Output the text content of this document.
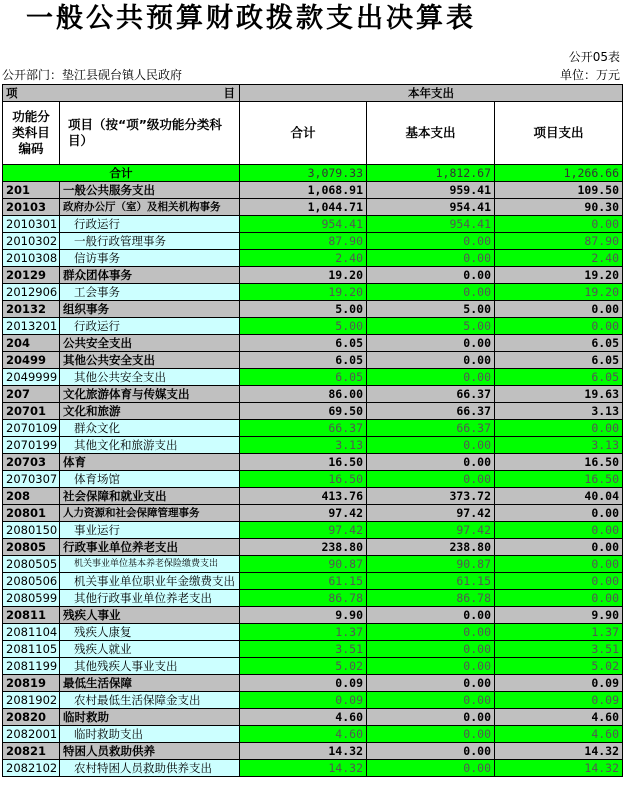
一般公共预算财政拨款支出决算表
公开05表
公开部门：垫江县砚台镇人民政府	单位：万元
项 目		本年支出		
功能分类科目编码	项目（按“项”级功能分类科目）	合计	基本支出	项目支出
合计		3,079.33	1,812.67	1,266.66
201	一般公共服务支出	1,068.91	959.41	109.50
20103	政府办公厅（室）及相关机构事务	1,044.71	954.41	90.30
2010301	行政运行	954.41	954.41	0.00
2010302	一般行政管理事务	87.90	0.00	87.90
2010308	信访事务	2.40	0.00	2.40
20129	群众团体事务	19.20	0.00	19.20
2012906	工会事务	19.20	0.00	19.20
20132	组织事务	5.00	5.00	0.00
2013201	行政运行	5.00	5.00	0.00
204	公共安全支出	6.05	0.00	6.05
20499	其他公共安全支出	6.05	0.00	6.05
2049999	其他公共安全支出	6.05	0.00	6.05
207	文化旅游体育与传媒支出	86.00	66.37	19.63
20701	文化和旅游	69.50	66.37	3.13
2070109	群众文化	66.37	66.37	0.00
2070199	其他文化和旅游支出	3.13	0.00	3.13
20703	体育	16.50	0.00	16.50
2070307	体育场馆	16.50	0.00	16.50
208	社会保障和就业支出	413.76	373.72	40.04
20801	人力资源和社会保障管理事务	97.42	97.42	0.00
2080150	事业运行	97.42	97.42	0.00
20805	行政事业单位养老支出	238.80	238.80	0.00
2080505	机关事业单位基本养老保险缴费支出	90.87	90.87	0.00
2080506	机关事业单位职业年金缴费支出	61.15	61.15	0.00
2080599	其他行政事业单位养老支出	86.78	86.78	0.00
20811	残疾人事业	9.90	0.00	9.90
2081104	残疾人康复	1.37	0.00	1.37
2081105	残疾人就业	3.51	0.00	3.51
2081199	其他残疾人事业支出	5.02	0.00	5.02
20819	最低生活保障	0.09	0.00	0.09
2081902	农村最低生活保障金支出	0.09	0.00	0.09
20820	临时救助	4.60	0.00	4.60
2082001	临时救助支出	4.60	0.00	4.60
20821	特困人员救助供养	14.32	0.00	14.32
2082102	农村特困人员救助供养支出	14.32	0.00	14.32
